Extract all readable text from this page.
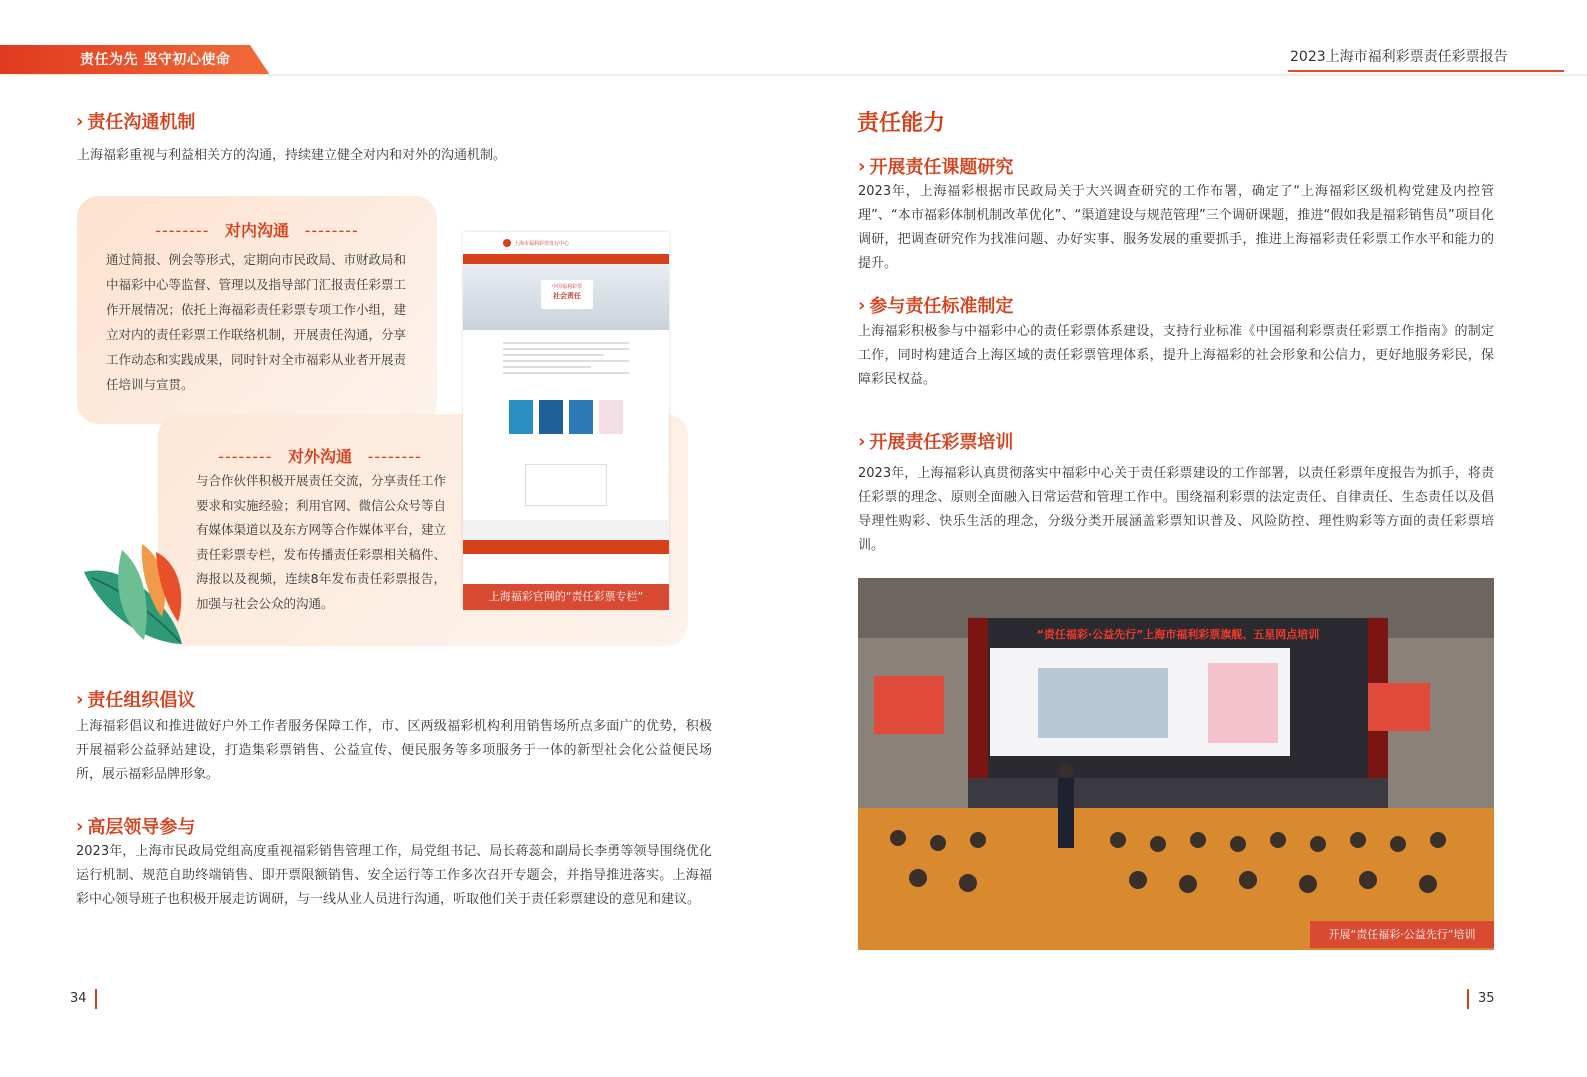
责任为先 坚守初心使命	2023上海市福利彩票责任彩票报告
› 责任沟通机制
上海福彩重视与利益相关方的沟通，持续建立健全对内和对外的沟通机制。
-------- 对内沟通 --------
通过简报、例会等形式，定期向市民政局、市财政局和中福彩中心等监督、管理以及指导部门汇报责任彩票工作开展情况；依托上海福彩责任彩票专项工作小组，建立对内的责任彩票工作联络机制，开展责任沟通，分享工作动态和实践成果，同时针对全市福彩从业者开展责任培训与宣贯。
-------- 对外沟通 --------
与合作伙伴积极开展责任交流，分享责任工作要求和实施经验；利用官网、微信公众号等自有媒体渠道以及东方网等合作媒体平台，建立责任彩票专栏，发布传播责任彩票相关稿件、海报以及视频，连续8年发布责任彩票报告，加强与社会公众的沟通。
上海市福利彩票发行中心
中国福利彩票
社会责任
上海福彩官网的“责任彩票专栏”
› 责任组织倡议
上海福彩倡议和推进做好户外工作者服务保障工作，市、区两级福彩机构利用销售场所点多面广的优势，积极开展福彩公益驿站建设，打造集彩票销售、公益宣传、便民服务等多项服务于一体的新型社会化公益便民场所，展示福彩品牌形象。
› 高层领导参与
2023年，上海市民政局党组高度重视福彩销售管理工作，局党组书记、局长蒋蕊和副局长李勇等领导围绕优化运行机制、规范自助终端销售、即开票限额销售、安全运行等工作多次召开专题会，并指导推进落实。上海福彩中心领导班子也积极开展走访调研，与一线从业人员进行沟通，听取他们关于责任彩票建设的意见和建议。
34
责任能力
› 开展责任课题研究
2023年，上海福彩根据市民政局关于大兴调查研究的工作布署，确定了“上海福彩区级机构党建及内控管理”、“本市福彩体制机制改革优化”、“渠道建设与规范管理”三个调研课题，推进“假如我是福彩销售员”项目化调研，把调查研究作为找准问题、办好实事、服务发展的重要抓手，推进上海福彩责任彩票工作水平和能力的提升。
› 参与责任标准制定
上海福彩积极参与中福彩中心的责任彩票体系建设，支持行业标准《中国福利彩票责任彩票工作指南》的制定工作，同时构建适合上海区域的责任彩票管理体系，提升上海福彩的社会形象和公信力，更好地服务彩民，保障彩民权益。
› 开展责任彩票培训
2023年，上海福彩认真贯彻落实中福彩中心关于责任彩票建设的工作部署，以责任彩票年度报告为抓手，将责任彩票的理念、原则全面融入日常运营和管理工作中。围绕福利彩票的法定责任、自律责任、生态责任以及倡导理性购彩、快乐生活的理念，分级分类开展涵盖彩票知识普及、风险防控、理性购彩等方面的责任彩票培训。
“责任福彩·公益先行”上海市福利彩票旗舰、五星网点培训
开展“责任福彩·公益先行”培训
35
